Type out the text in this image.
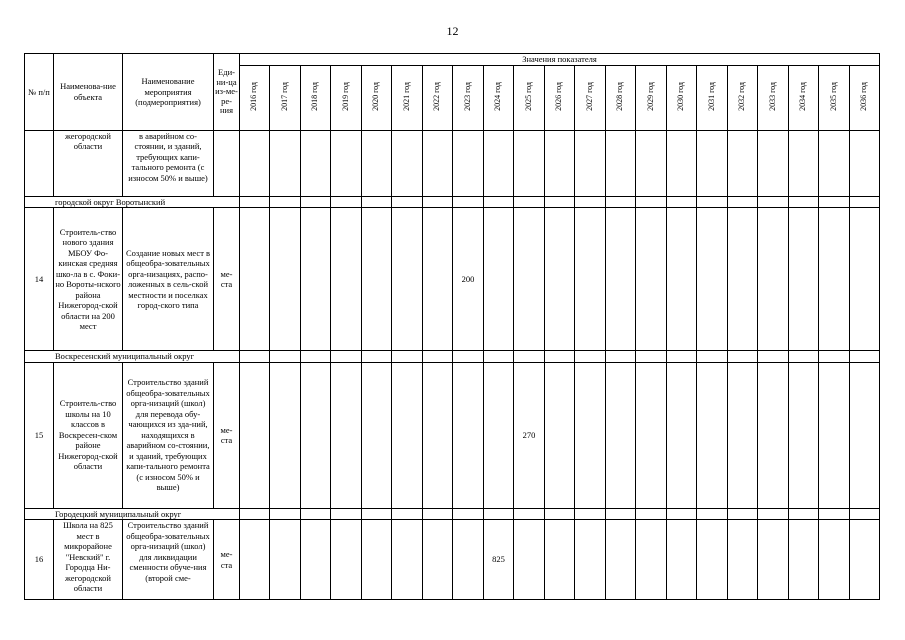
12
№ п/п	Наименова-ние объекта	Наименование мероприятия (подмероприятия)	Еди-ни-ца из-ме-ре-ния	Значения показателя																				
				2016 год	2017 год	2018 год	2019 год	2020 год	2021 год	2022 год	2023 год	2024 год	2025 год	2026 год	2027 год	2028 год	2029 год	2030 год	2031 год	2032 год	2033 год	2034 год	2035 год	2036 год
	жегородской области	в аварийном со-стоянии, и зданий, требующих капи-тального ремонта (с износом 50% и выше)																						
городской округ Воротынский																								
14	Строитель-ство нового здания МБОУ Фо-кинская средняя шко-ла в с. Фоки-но Вороты-нского района Нижегород-ской области на 200 мест	Создание новых мест в общеобра-зовательных орга-низациях, распо-ложенных в сель-ской местности и поселках город-ского типа	ме-ста								200													
Воскресенский муниципальный округ																								
15	Строитель-ство школы на 10 классов в Воскресен-ском районе Нижегород-ской области	Строительство зданий общеобра-зовательных орга-низаций (школ) для перевода обу-чающихся из зда-ний, находящихся в аварийном со-стоянии, и зданий, требующих капи-тального ремонта (с износом 50% и выше)	ме-ста										270											
Городецкий муниципальный округ																								
16	Школа на 825 мест в микрорайоне "Невский" г. Городца Ни-жегородской области	Строительство зданий общеобра-зовательных орга-низаций (школ) для ликвидации сменности обуче-ния (второй сме-	ме-ста									825												
